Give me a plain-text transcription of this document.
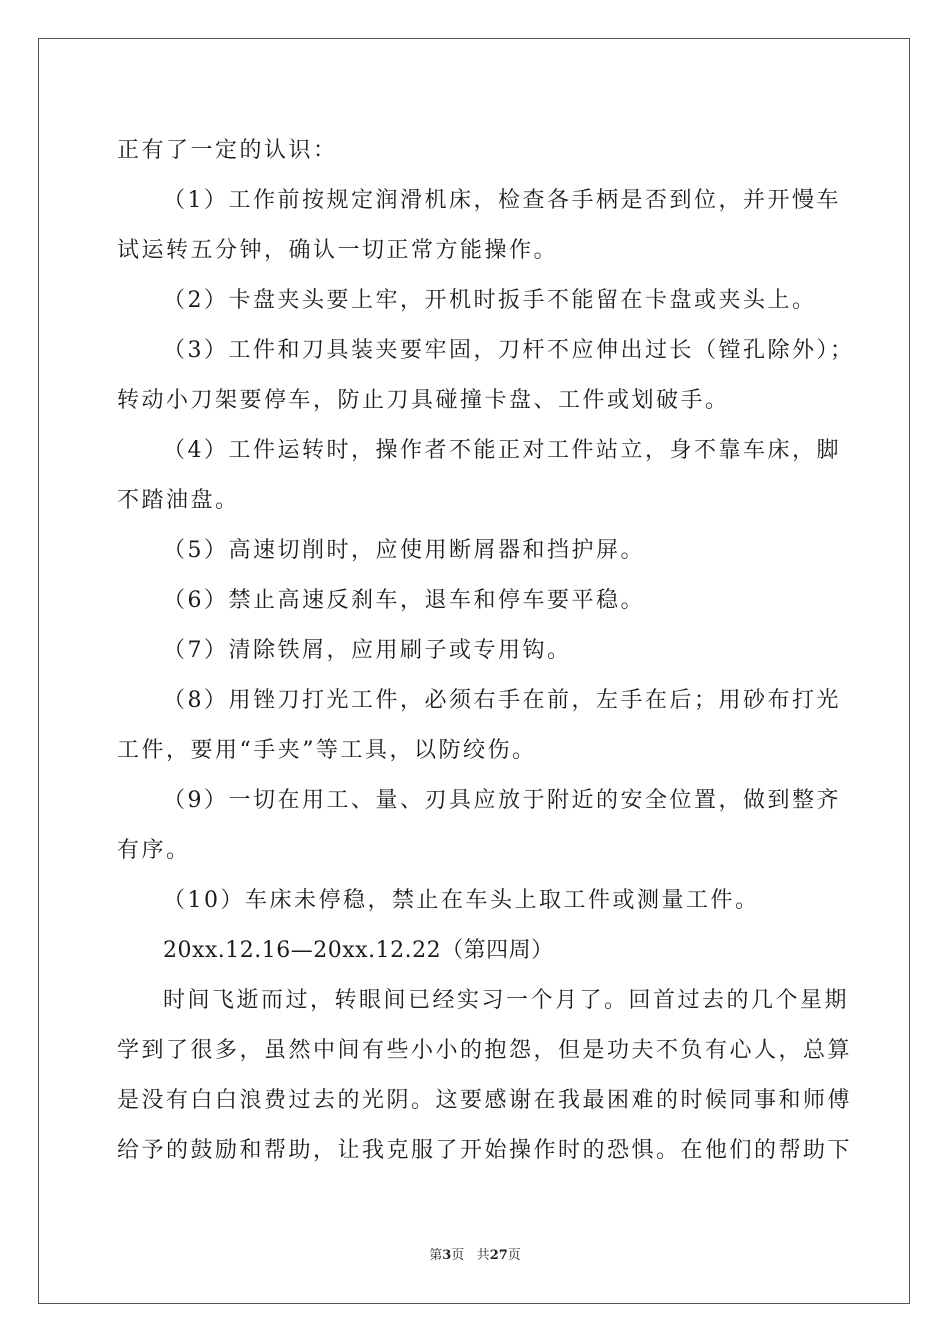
正有了一定的认识：
（1）工作前按规定润滑机床，检查各手柄是否到位，并开慢车
试运转五分钟，确认一切正常方能操作。
（2）卡盘夹头要上牢，开机时扳手不能留在卡盘或夹头上。
（3）工件和刀具装夹要牢固，刀杆不应伸出过长（镗孔除外）；
转动小刀架要停车，防止刀具碰撞卡盘、工件或划破手。
（4）工件运转时，操作者不能正对工件站立，身不靠车床，脚
不踏油盘。
（5）高速切削时，应使用断屑器和挡护屏。
（6）禁止高速反刹车，退车和停车要平稳。
（7）清除铁屑，应用刷子或专用钩。
（8）用锉刀打光工件，必须右手在前，左手在后；用砂布打光
工件，要用“手夹”等工具，以防绞伤。
（9）一切在用工、量、刃具应放于附近的安全位置，做到整齐
有序。
（10）车床未停稳，禁止在车头上取工件或测量工件。
20xx.12.16—20xx.12.22（第四周）
时间飞逝而过，转眼间已经实习一个月了。回首过去的几个星期
学到了很多，虽然中间有些小小的抱怨，但是功夫不负有心人，总算
是没有白白浪费过去的光阴。这要感谢在我最困难的时候同事和师傅
给予的鼓励和帮助，让我克服了开始操作时的恐惧。在他们的帮助下
第3页 共27页
